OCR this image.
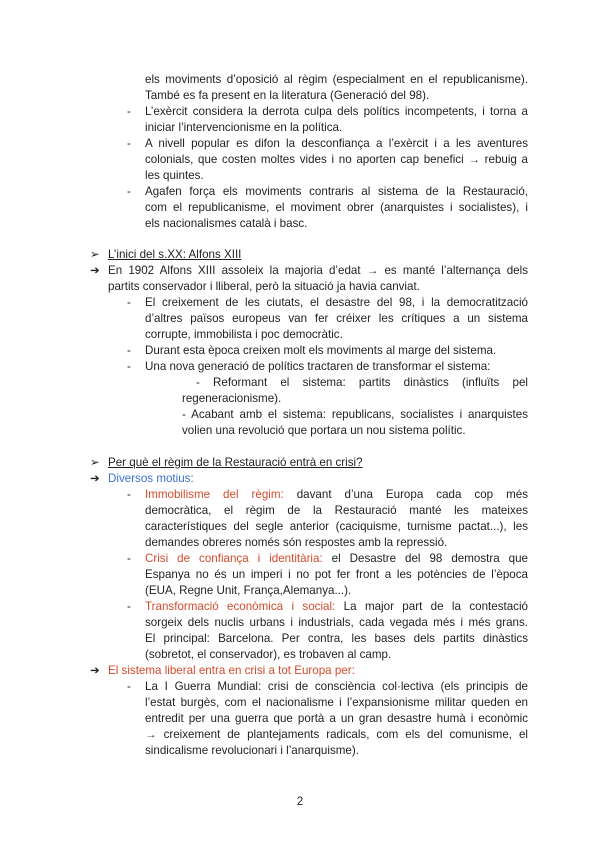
els moviments d’oposició al règim (especialment en el republicanisme).
També es fa present en la literatura (Generació del 98).
- L’exèrcit considera la derrota culpa dels polítics incompetents, i torna a
iniciar l’intervencionisme en la política.
- A nivell popular es difon la desconfiança a l’exèrcit i a les aventures
colonials, que costen moltes vides i no aporten cap benefici → rebuig a
les quintes.
- Agafen força els moviments contraris al sistema de la Restauració,
com el republicanisme, el moviment obrer (anarquistes i socialistes), i
els nacionalismes català i basc.
➢ L’inici del s.XX: Alfons XIII
➔ En 1902 Alfons XIII assoleix la majoria d’edat → es manté l’alternança dels
partits conservador i lliberal, però la situació ja havia canviat.
- El creixement de les ciutats, el desastre del 98, i la democratització
d’altres països europeus van fer créixer les crítiques a un sistema
corrupte, immobilista i poc democràtic.
- Durant esta època creixen molt els moviments al marge del sistema.
- Una nova generació de polítics tractaren de transformar el sistema:
- Reformant el sistema: partits dinàstics (influïts pel
regeneracionisme).
- Acabant amb el sistema: republicans, socialistes i anarquistes
volien una revolució que portara un nou sistema polític.
➢ Per què el règim de la Restauració entrà en crisi?
➔ Diversos motius:
- Immobilisme del règim: davant d’una Europa cada cop més
democràtica, el règim de la Restauració manté les mateixes
característiques del segle anterior (caciquisme, turnisme pactat...), les
demandes obreres només són respostes amb la repressió.
- Crisi de confiança i identitària: el Desastre del 98 demostra que
Espanya no és un imperi i no pot fer front a les potències de l’època
(EUA, Regne Unit, França,Alemanya...).
- Transformació econòmica i social: La major part de la contestació
sorgeix dels nuclis urbans i industrials, cada vegada més i més grans.
El principal: Barcelona. Per contra, les bases dels partits dinàstics
(sobretot, el conservador), es trobaven al camp.
➔ El sistema liberal entra en crisi a tot Europa per:
- La I Guerra Mundial: crisi de consciència col·lectiva (els principis de
l’estat burgès, com el nacionalisme i l’expansionisme militar queden en
entredit per una guerra que portà a un gran desastre humà i econòmic
→ creixement de plantejaments radicals, com els del comunisme, el
sindicalisme revolucionari i l’anarquisme).
2
